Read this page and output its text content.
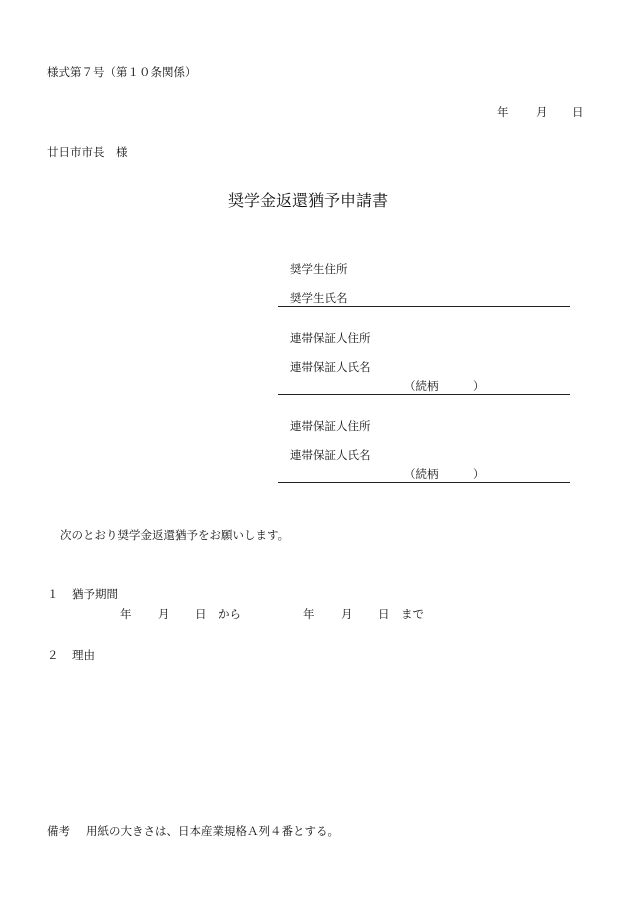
様式第７号（第１０条関係）
年 月 日
廿日市市長　様
奨学金返還猶予申請書
奨学生住所
奨学生氏名
連帯保証人住所
連帯保証人氏名
（続柄	）
連帯保証人住所
連帯保証人氏名
（続柄	）
次のとおり奨学金返還猶予をお願いします。
１ 猶予期間
年 月 日 から	年 月 日 まで
２ 理由
備考 用紙の大きさは、日本産業規格Ａ列４番とする。
